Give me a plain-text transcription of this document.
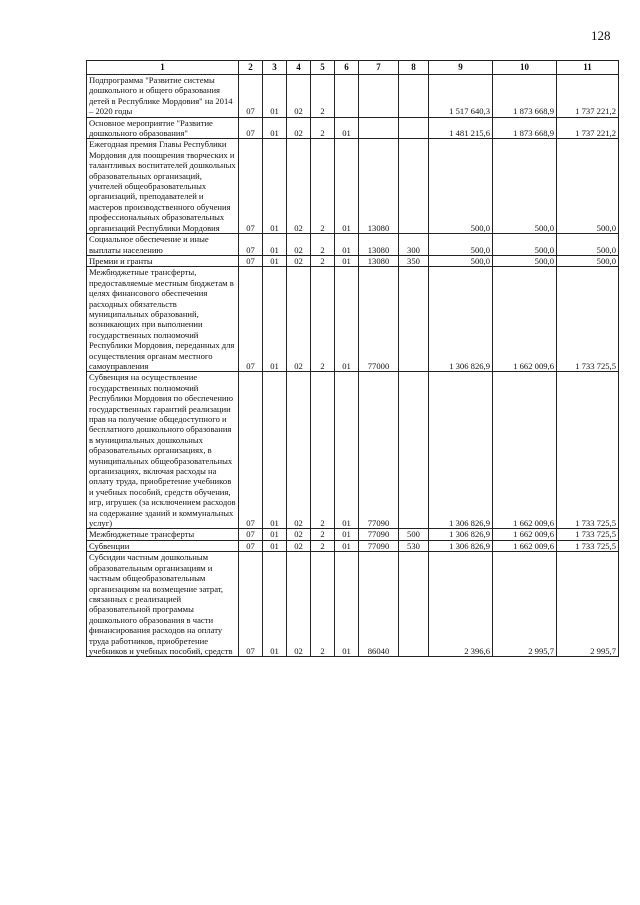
128
1	2	3	4	5	6	7	8	9	10	11
Подпрограмма "Развитие системы дошкольного и общего образования детей в Республике Мордовия" на 2014 – 2020 годы	07	01	02	2				1 517 640,3	1 873 668,9	1 737 221,2
Основное мероприятие "Развитие дошкольного образования"	07	01	02	2	01			1 481 215,6	1 873 668,9	1 737 221,2
Ежегодная премия Главы Республики Мордовия для поощрения творческих и талантливых воспитателей дошкольных образовательных организаций, учителей общеобразовательных организаций, преподавателей и мастеров производственного обучения профессиональных образовательных организаций Республики Мордовия	07	01	02	2	01	13080		500,0	500,0	500,0
Социальное обеспечение и иные выплаты населению	07	01	02	2	01	13080	300	500,0	500,0	500,0
Премии и гранты	07	01	02	2	01	13080	350	500,0	500,0	500,0
Межбюджетные трансферты, предоставляемые местным бюджетам в целях финансового обеспечения расходных обязательств муниципальных образований, возникающих при выполнении государственных полномочий Республики Мордовия, переданных для осуществления органам местного самоуправления	07	01	02	2	01	77000		1 306 826,9	1 662 009,6	1 733 725,5
Субвенция на осуществление государственных полномочий Республики Мордовия по обеспечению государственных гарантий реализации прав на получение общедоступного и бесплатного дошкольного образования в муниципальных дошкольных образовательных организациях, в муниципальных общеобразовательных организациях, включая расходы на оплату труда, приобретение учебников и учебных пособий, средств обучения, игр, игрушек (за исключением расходов на содержание зданий и коммунальных услуг)	07	01	02	2	01	77090		1 306 826,9	1 662 009,6	1 733 725,5
Межбюджетные трансферты	07	01	02	2	01	77090	500	1 306 826,9	1 662 009,6	1 733 725,5
Субвенции	07	01	02	2	01	77090	530	1 306 826,9	1 662 009,6	1 733 725,5
Субсидии частным дошкольным образовательным организациям и частным общеобразовательным организациям на возмещение затрат, связанных с реализацией образовательной программы дошкольного образования в части финансирования расходов на оплату труда работников, приобретение учебников и учебных пособий, средств	07	01	02	2	01	86040		2 396,6	2 995,7	2 995,7
